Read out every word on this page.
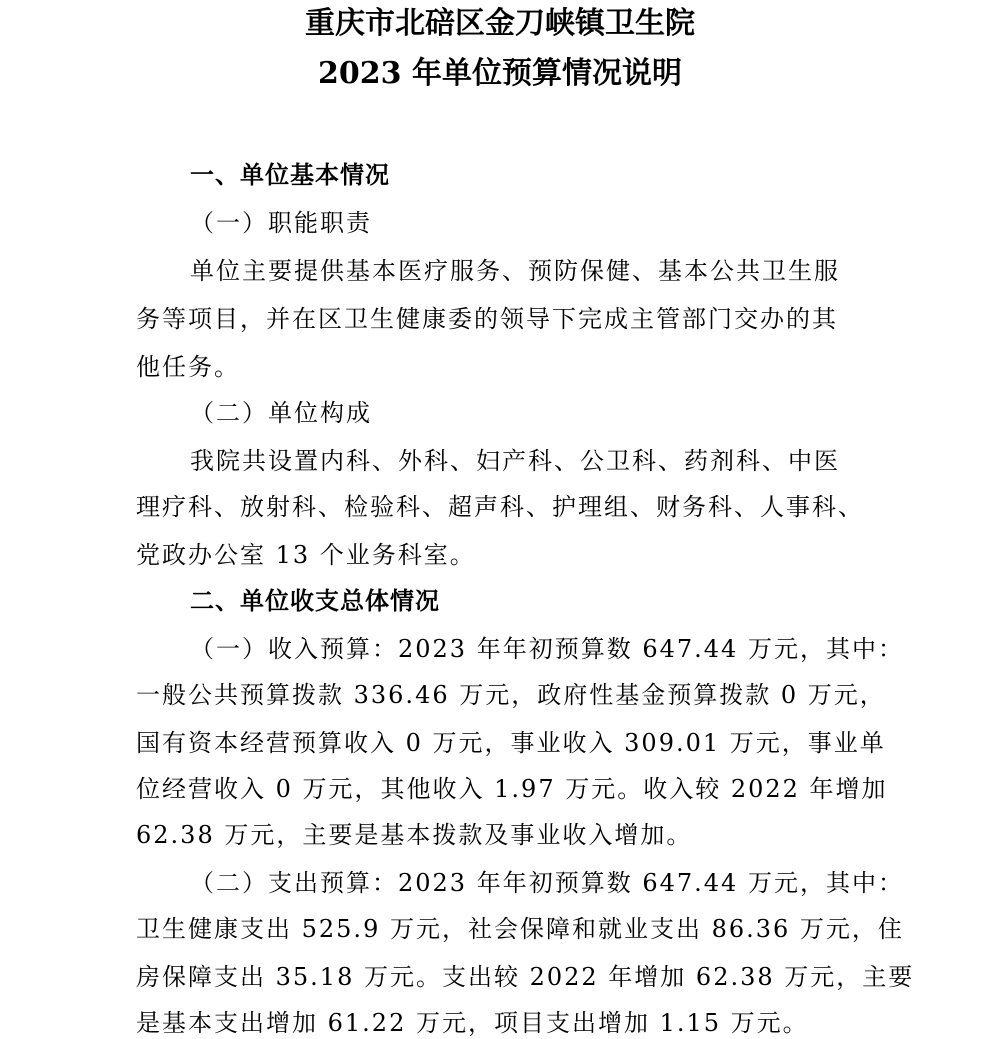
重庆市北碚区金刀峡镇卫生院
2023 年单位预算情况说明
一、单位基本情况
（一）职能职责
单位主要提供基本医疗服务、预防保健、基本公共卫生服
务等项目，并在区卫生健康委的领导下完成主管部门交办的其
他任务。
（二）单位构成
我院共设置内科、外科、妇产科、公卫科、药剂科、中医
理疗科、放射科、检验科、超声科、护理组、财务科、人事科、
党政办公室 13 个业务科室。
二、单位收支总体情况
（一）收入预算：2023 年年初预算数 647.44 万元，其中：
一般公共预算拨款 336.46 万元，政府性基金预算拨款 0 万元，
国有资本经营预算收入 0 万元，事业收入 309.01 万元，事业单
位经营收入 0 万元，其他收入 1.97 万元。收入较 2022 年增加
62.38 万元，主要是基本拨款及事业收入增加。
（二）支出预算：2023 年年初预算数 647.44 万元，其中：
卫生健康支出 525.9 万元，社会保障和就业支出 86.36 万元，住
房保障支出 35.18 万元。支出较 2022 年增加 62.38 万元，主要
是基本支出增加 61.22 万元，项目支出增加 1.15 万元。
